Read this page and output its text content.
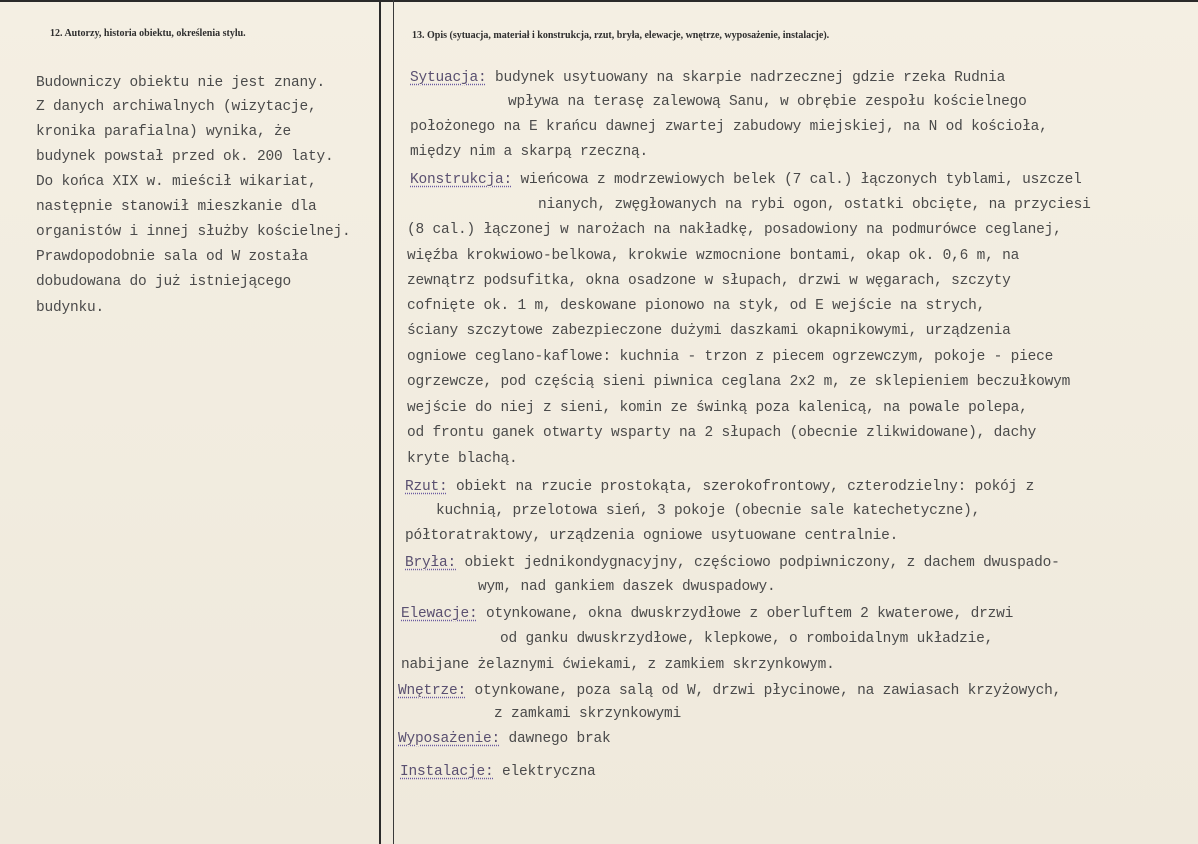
12. Autorzy, historia obiektu, określenia stylu.
Budowniczy obiektu nie jest znany.
Z danych archiwalnych (wizytacje,
kronika parafialna) wynika, że
budynek powstał przed ok. 200 laty.
Do końca XIX w. mieścił wikariat,
następnie stanowił mieszkanie dla
organistów i innej służby kościelnej.
Prawdopodobnie sala od W została
dobudowana do już istniejącego
budynku.
13. Opis (sytuacja, materiał i konstrukcja, rzut, bryła, elewacje, wnętrze, wyposażenie, instalacje).
Sytuacja: budynek usytuowany na skarpie nadrzecznej gdzie rzeka Rudnia
wpływa na terasę zalewową Sanu, w obrębie zespołu kościelnego
położonego na E krańcu dawnej zwartej zabudowy miejskiej, na N od kościoła,
między nim a skarpą rzeczną.
Konstrukcja: wieńcowa z modrzewiowych belek (7 cal.) łączonych tyblami, uszczel
nianych, zwęgłowanych na rybi ogon, ostatki obcięte, na przyciesi
(8 cal.) łączonej w narożach na nakładkę, posadowiony na podmurówce ceglanej,
więźba krokwiowo-belkowa, krokwie wzmocnione bontami, okap ok. 0,6 m, na
zewnątrz podsufitka, okna osadzone w słupach, drzwi w węgarach, szczyty
cofnięte ok. 1 m, deskowane pionowo na styk, od E wejście na strych,
ściany szczytowe zabezpieczone dużymi daszkami okapnikowymi, urządzenia
ogniowe ceglano-kaflowe: kuchnia - trzon z piecem ogrzewczym, pokoje - piece
ogrzewcze, pod częścią sieni piwnica ceglana 2x2 m, ze sklepieniem beczułkowym
wejście do niej z sieni, komin ze świnką poza kalenicą, na powale polepa,
od frontu ganek otwarty wsparty na 2 słupach (obecnie zlikwidowane), dachy
kryte blachą.
Rzut: obiekt na rzucie prostokąta, szerokofrontowy, czterodzielny: pokój z
kuchnią, przelotowa sień, 3 pokoje (obecnie sale katechetyczne),
półtoratraktowy, urządzenia ogniowe usytuowane centralnie.
Bryła: obiekt jednikondygnacyjny, częściowo podpiwniczony, z dachem dwuspado-
wym, nad gankiem daszek dwuspadowy.
Elewacje: otynkowane, okna dwuskrzydłowe z oberluftem 2 kwaterowe, drzwi
od ganku dwuskrzydłowe, klepkowe, o romboidalnym układzie,
nabijane żelaznymi ćwiekami, z zamkiem skrzynkowym.
Wnętrze: otynkowane, poza salą od W, drzwi płycinowe, na zawiasach krzyżowych,
z zamkami skrzynkowymi
Wyposażenie: dawnego brak
Instalacje: elektryczna
